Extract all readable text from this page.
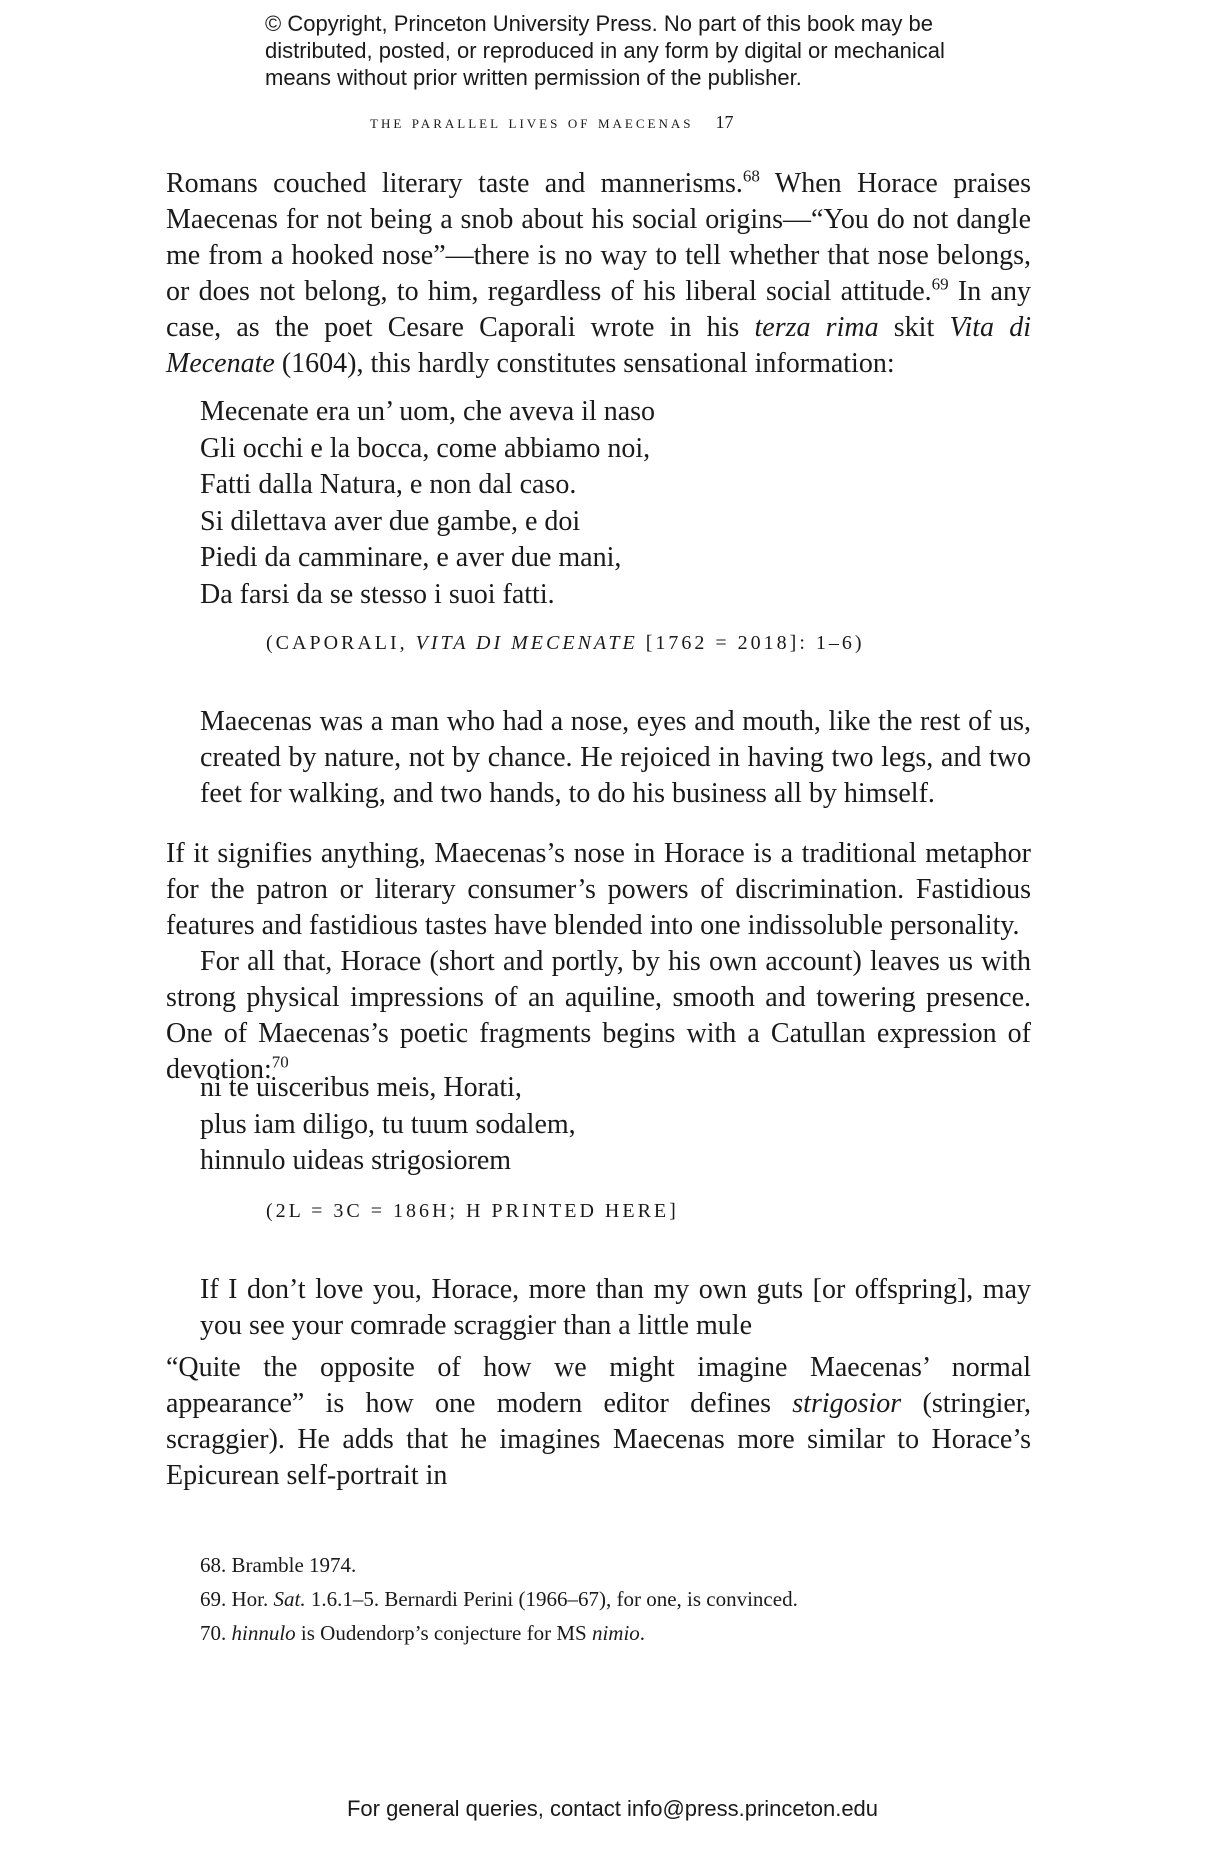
© Copyright, Princeton University Press. No part of this book may be
distributed, posted, or reproduced in any form by digital or mechanical
means without prior written permission of the publisher.
the parallel lives of maecenas 17
Romans couched literary taste and mannerisms.$^{68}$ When Horace praises Maecenas for not being a snob about his social origins—“You do not dangle me from a hooked nose”—there is no way to tell whether that nose belongs, or does not belong, to him, regardless of his liberal social attitude.$^{69}$ In any case, as the poet Cesare Caporali wrote in his terza rima skit Vita di Mecenate (1604), this hardly constitutes sensational information:
Mecenate era un’ uom, che aveva il naso
Gli occhi e la bocca, come abbiamo noi,
Fatti dalla Natura, e non dal caso.
Si dilettava aver due gambe, e doi
Piedi da camminare, e aver due mani,
Da farsi da se stesso i suoi fatti.
(CAPORALI, VITA DI MECENATE [1762 = 2018]: 1–6)
Maecenas was a man who had a nose, eyes and mouth, like the rest of us, created by nature, not by chance. He rejoiced in having two legs, and two feet for walking, and two hands, to do his business all by himself.
If it signifies anything, Maecenas’s nose in Horace is a traditional metaphor for the patron or literary consumer’s powers of discrimination. Fastidious features and fastidious tastes have blended into one indissoluble personality.
For all that, Horace (short and portly, by his own account) leaves us with strong physical impressions of an aquiline, smooth and towering presence. One of Maecenas’s poetic fragments begins with a Catullan expression of devotion:$^{70}$
ni te uisceribus meis, Horati,
plus iam diligo, tu tuum sodalem,
hinnulo uideas strigosiorem
(2L = 3C = 186H; H PRINTED HERE]
If I don’t love you, Horace, more than my own guts [or offspring], may you see your comrade scraggier than a little mule
“Quite the opposite of how we might imagine Maecenas’ normal appearance” is how one modern editor defines strigosior (stringier, scraggier). He adds that he imagines Maecenas more similar to Horace’s Epicurean self-portrait in
68. Bramble 1974.
69. Hor. Sat. 1.6.1–5. Bernardi Perini (1966–67), for one, is convinced.
70. hinnulo is Oudendorp’s conjecture for MS nimio.
For general queries, contact info@press.princeton.edu
